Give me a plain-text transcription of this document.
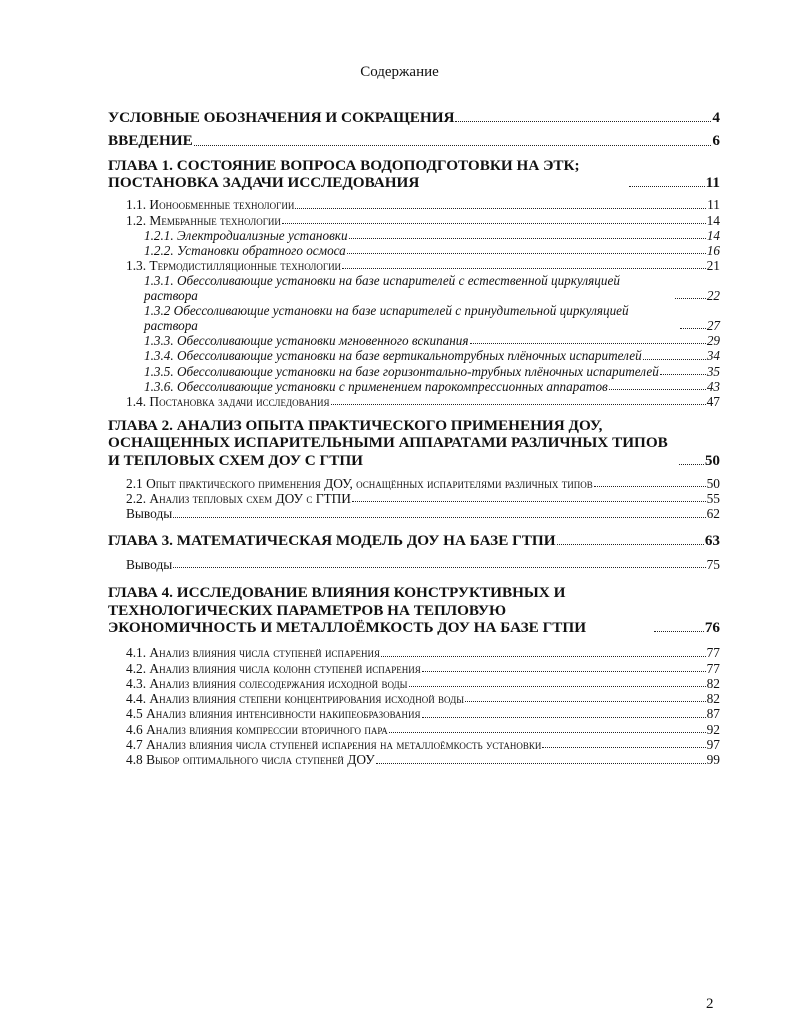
Содержание
УСЛОВНЫЕ ОБОЗНАЧЕНИЯ И СОКРАЩЕНИЯ	4
ВВЕДЕНИЕ	6
ГЛАВА 1. СОСТОЯНИЕ ВОПРОСА ВОДОПОДГОТОВКИ НА ЭТК; ПОСТАНОВКА ЗАДАЧИ ИССЛЕДОВАНИЯ	11
1.1. Ионообменные технологии	11
1.2. Мембранные технологии	14
1.2.1. Электродиализные установки	14
1.2.2. Установки обратного осмоса	16
1.3. Термодистилляционные технологии	21
1.3.1. Обессоливающие установки на базе испарителей с естественной циркуляцией раствора	22
1.3.2 Обессоливающие установки на базе испарителей с принудительной циркуляцией раствора	27
1.3.3. Обессоливающие установки мгновенного вскипания	29
1.3.4. Обессоливающие установки на базе вертикальнотрубных плёночных испарителей	34
1.3.5. Обессоливающие установки на базе горизонтально-трубных плёночных испарителей	35
1.3.6. Обессоливающие установки с применением парокомпрессионных аппаратов	43
1.4. Постановка задачи исследования	47
ГЛАВА 2. АНАЛИЗ ОПЫТА ПРАКТИЧЕСКОГО ПРИМЕНЕНИЯ ДОУ, ОСНАЩЕННЫХ ИСПАРИТЕЛЬНЫМИ АППАРАТАМИ РАЗЛИЧНЫХ ТИПОВ И ТЕПЛОВЫХ СХЕМ ДОУ С ГТПИ	50
2.1 Опыт практического применения ДОУ, оснащённых испарителями различных типов	50
2.2. Анализ тепловых схем ДОУ с ГТПИ	55
Выводы	62
ГЛАВА 3. МАТЕМАТИЧЕСКАЯ МОДЕЛЬ ДОУ НА БАЗЕ ГТПИ	63
Выводы	75
ГЛАВА 4. ИССЛЕДОВАНИЕ ВЛИЯНИЯ КОНСТРУКТИВНЫХ И ТЕХНОЛОГИЧЕСКИХ ПАРАМЕТРОВ НА ТЕПЛОВУЮ ЭКОНОМИЧНОСТЬ И МЕТАЛЛОЁМКОСТЬ ДОУ НА БАЗЕ ГТПИ	76
4.1. Анализ влияния числа ступеней испарения	77
4.2. Анализ влияния числа колонн ступеней испарения	77
4.3. Анализ влияния солесодержания исходной воды	82
4.4. Анализ влияния степени концентрирования исходной воды	82
4.5 Анализ влияния интенсивности накипеобразования	87
4.6 Анализ влияния компрессии вторичного пара	92
4.7 Анализ влияния числа ступеней испарения на металлоёмкость установки	97
4.8 Выбор оптимального числа ступеней ДОУ	99
2
